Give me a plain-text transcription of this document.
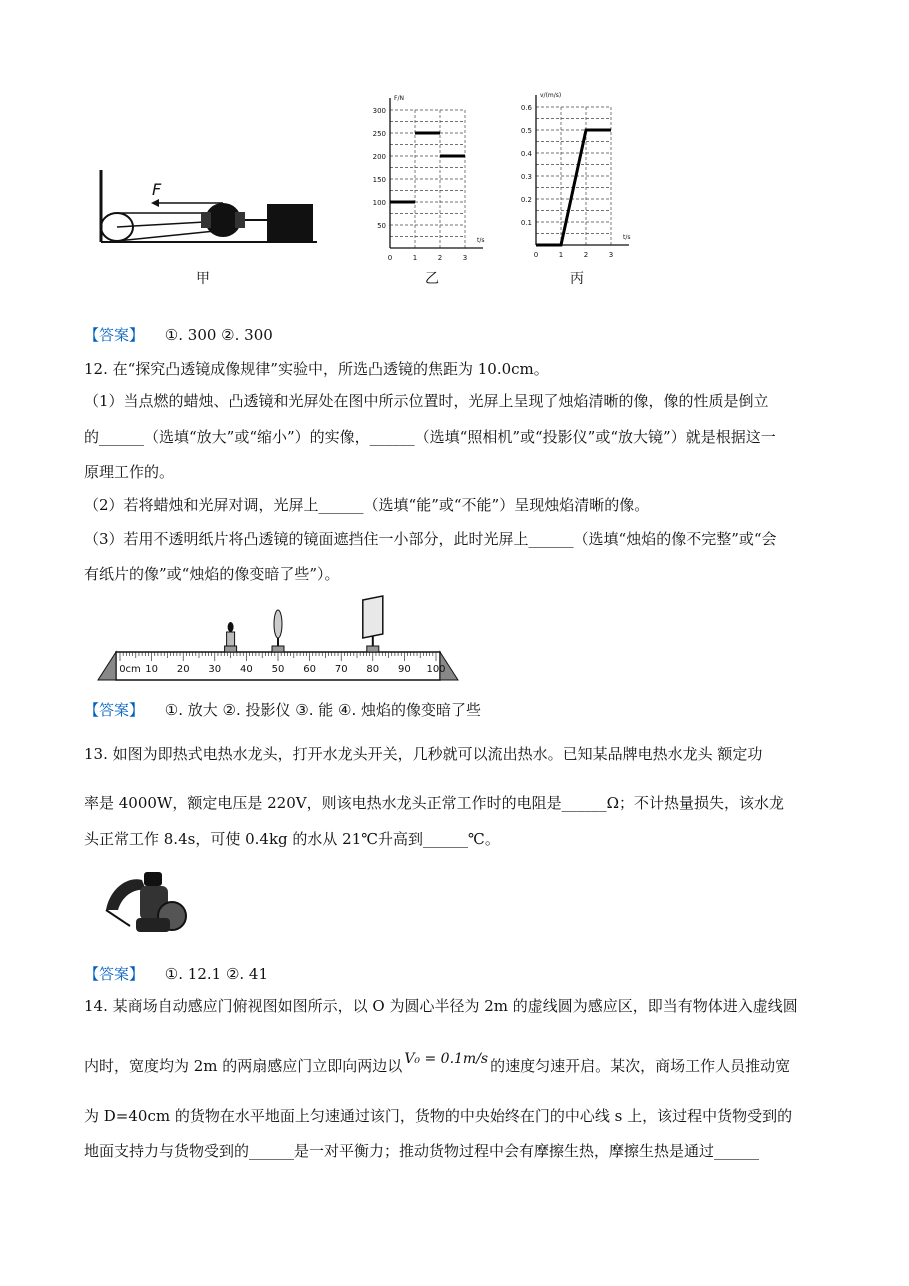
F
甲
300
250
200
150
100
50
0	1	2	3
F/N
t/s
乙
0.6
0.5
0.4
0.3
0.2
0.1
0	1	2	3
v/(m/s)
t/s
丙
【答案】 ①. 300 ②. 300
12. 在“探究凸透镜成像规律”实验中，所选凸透镜的焦距为 10.0cm。
（1）当点燃的蜡烛、凸透镜和光屏处在图中所示位置时，光屏上呈现了烛焰清晰的像，像的性质是倒立
的______（选填“放大”或“缩小”）的实像，______（选填“照相机”或“投影仪”或“放大镜”）就是根据这一
原理工作的。
（2）若将蜡烛和光屏对调，光屏上______（选填“能”或“不能”）呈现烛焰清晰的像。
（3）若用不透明纸片将凸透镜的镜面遮挡住一小部分，此时光屏上______（选填“烛焰的像不完整”或“会
有纸片的像”或“烛焰的像变暗了些”）。
0cm 10 20 30 40 50 60 70 80 90 100
【答案】 ①. 放大 ②. 投影仪 ③. 能 ④. 烛焰的像变暗了些
13. 如图为即热式电热水龙头，打开水龙头开关，几秒就可以流出热水。已知某品牌电热水龙头 额定功
率是 4000W，额定电压是 220V，则该电热水龙头正常工作时的电阻是______Ω；不计热量损失，该水龙
头正常工作 8.4s，可使 0.4kg 的水从 21℃升高到______℃。
【答案】 ①. 12.1 ②. 41
14. 某商场自动感应门俯视图如图所示，以 O 为圆心半径为 2m 的虚线圆为感应区，即当有物体进入虚线圆
内时，宽度均为 2m 的两扇感应门立即向两边以 V₀ = 0.1m/s 的速度匀速开启。某次，商场工作人员推动宽
为 D=40cm 的货物在水平地面上匀速通过该门，货物的中央始终在门的中心线 s 上，该过程中货物受到的
地面支持力与货物受到的______是一对平衡力；推动货物过程中会有摩擦生热，摩擦生热是通过______
